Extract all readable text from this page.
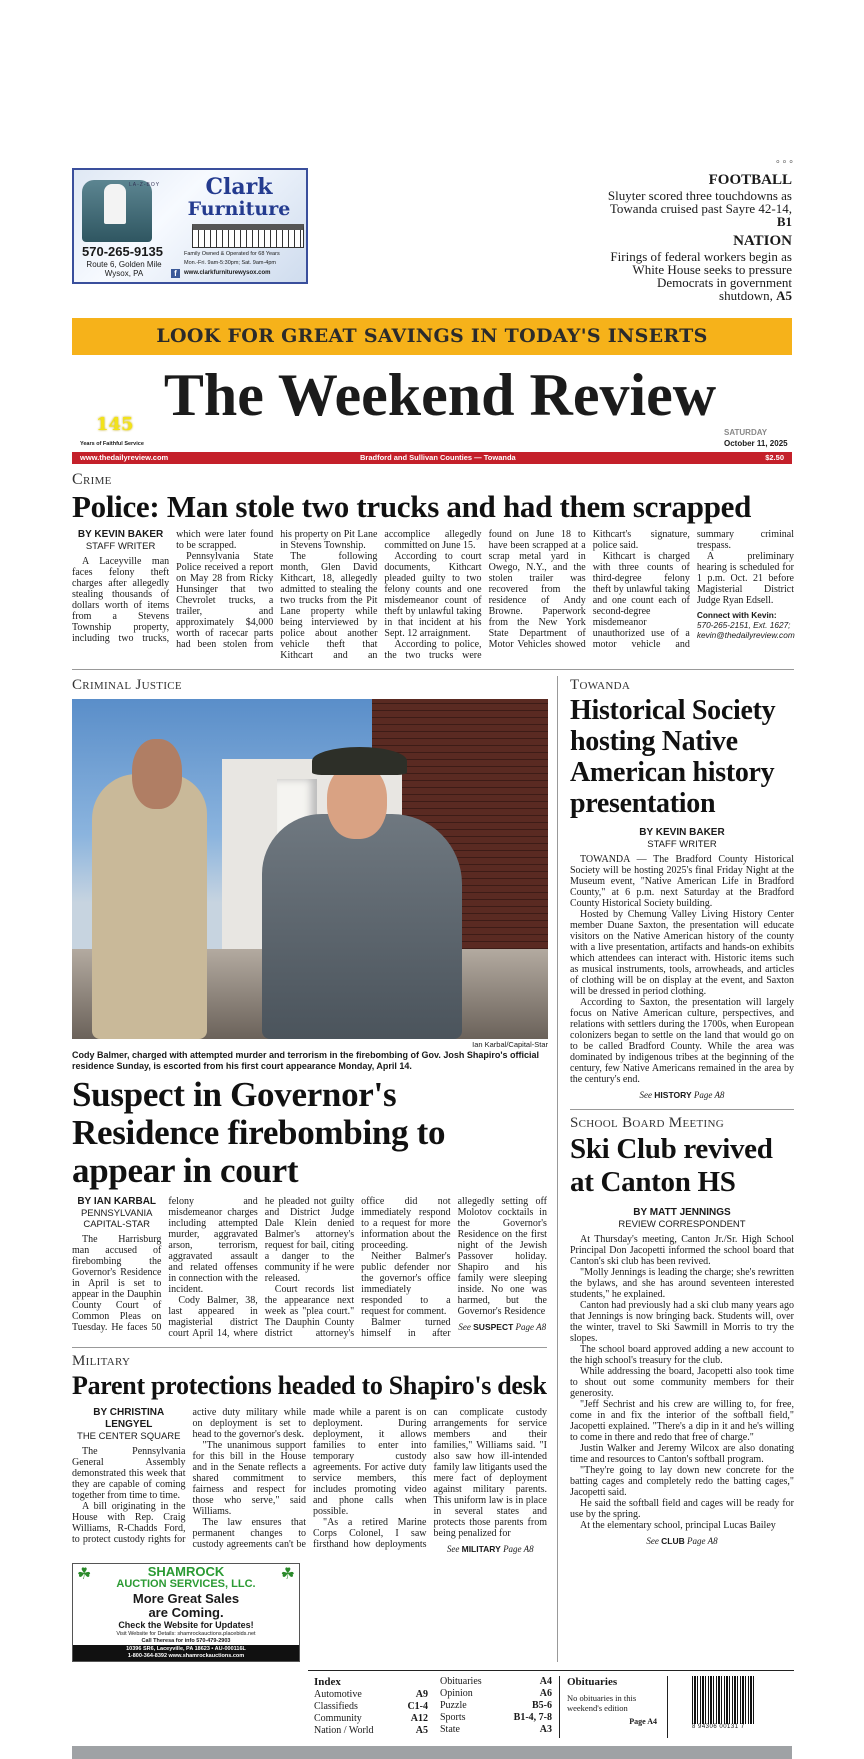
LA-Z-BOY	Clark
Furniture
570-265-9135
Route 6, Golden Mile
Wysox, PA
Family Owned & Operated for 68 Years
Mon.-Fri. 9am-5:30pm; Sat. 9am-4pm
f	www.clarkfurniturewysox.com
∘∘∘
FOOTBALL
Sluyter scored three touchdowns as Towanda cruised past Sayre 42-14, B1
NATION
Firings of federal workers begin as White House seeks to pressure Democrats in government shutdown, A5
LOOK FOR GREAT SAVINGS IN TODAY'S INSERTS
The Weekend Review
145
Years of Faithful Service
SATURDAY
October 11, 2025
www.thedailyreview.com	Bradford and Sullivan Counties — Towanda	$2.50
Crime
Police: Man stole two trucks and had them scrapped
BY KEVIN BAKER
STAFF WRITER

A Laceyville man faces felony theft charges after allegedly stealing thousands of dollars worth of items from a Stevens Township property, including two trucks, which were later found to be scrapped.

Pennsylvania State Police received a report on May 28 from Ricky Hunsinger that two Chevrolet trucks, a trailer, and approximately $4,000 worth of racecar parts had been stolen from his property on Pit Lane in Stevens Township.

The following month, Glen David Kithcart, 18, allegedly admitted to stealing the two trucks from the Pit Lane property while being interviewed by police about another vehicle theft that Kithcart and an accomplice allegedly committed on June 15.

According to court documents, Kithcart pleaded guilty to two felony counts and one misdemeanor count of theft by unlawful taking in that incident at his Sept. 12 arraignment.

According to police, the two trucks were found on June 18 to have been scrapped at a scrap metal yard in Owego, N.Y., and the stolen trailer was recovered from the residence of Andy Browne. Paperwork from the New York State Department of Motor Vehicles showed Kithcart's signature, police said.

Kithcart is charged with three counts of third-degree felony theft by unlawful taking and one count each of second-degree misdemeanor unauthorized use of a motor vehicle and summary criminal trespass.

A preliminary hearing is scheduled for 1 p.m. Oct. 21 before Magisterial District Judge Ryan Edsell.

Connect with Kevin: 570-265-2151, Ext. 1627; kevin@thedailyreview.com
Criminal Justice
Ian Karbal/Capital-Star
Cody Balmer, charged with attempted murder and terrorism in the firebombing of Gov. Josh Shapiro's official residence Sunday, is escorted from his first court appearance Monday, April 14.
Suspect in Governor's Residence firebombing to appear in court
BY IAN KARBAL
PENNSYLVANIA CAPITAL-STAR

The Harrisburg man accused of firebombing the Governor's Residence in April is set to appear in the Dauphin County Court of Common Pleas on Tuesday. He faces 50 felony and misdemeanor charges including attempted murder, aggravated arson, terrorism, aggravated assault and related offenses in connection with the incident.

Cody Balmer, 38, last appeared in magisterial district court April 14, where he pleaded not guilty and District Judge Dale Klein denied Balmer's attorney's request for bail, citing a danger to the community if he were released.

Court records list the appearance next week as "plea court." The Dauphin County district attorney's office did not immediately respond to a request for more information about the proceeding.

Neither Balmer's public defender nor the governor's office immediately responded to a request for comment.

Balmer turned himself in after allegedly setting off Molotov cocktails in the Governor's Residence on the first night of the Jewish Passover holiday. Shapiro and his family were sleeping inside. No one was harmed, but the Governor's Residence

See SUSPECT Page A8
Military
Parent protections headed to Shapiro's desk
BY CHRISTINA LENGYEL
THE CENTER SQUARE

The Pennsylvania General Assembly demonstrated this week that they are capable of coming together from time to time.

A bill originating in the House with Rep. Craig Williams, R-Chadds Ford, to protect custody rights for active duty military while on deployment is set to head to the governor's desk.

"The unanimous support for this bill in the House and in the Senate reflects a shared commitment to fairness and respect for those who serve," said Williams.

The law ensures that permanent changes to custody agreements can't be made while a parent is on deployment. During deployment, it allows families to enter into temporary custody agreements. For active duty service members, this includes promoting video and phone calls when possible.

"As a retired Marine Corps Colonel, I saw firsthand how deployments can complicate custody arrangements for service members and their families," Williams said. "I also saw how ill-intended family law litigants used the mere fact of deployment against military parents. This uniform law is in place in several states and protects those parents from being penalized for

See MILITARY Page A8
☘	☘
SHAMROCK
AUCTION SERVICES, LLC.
More Great Sales
are Coming.
Check the Website for Updates!
Visit Website for Details: shamrockauctions.placebids.net
Call Theresa for info 570-479-2903
10396 SR6, Laceyville, PA 18623 • AU-000116L
1-800-364-8392 www.shamrockauctions.com
Towanda
Historical Society hosting Native American history presentation
BY KEVIN BAKER
STAFF WRITER

TOWANDA — The Bradford County Historical Society will be hosting 2025's final Friday Night at the Museum event, "Native American Life in Bradford County," at 6 p.m. next Saturday at the Bradford County Historical Society building.

Hosted by Chemung Valley Living History Center member Duane Saxton, the presentation will educate visitors on the Native American history of the county with a live presentation, artifacts and hands-on exhibits which attendees can interact with. Historic items such as musical instruments, tools, arrowheads, and articles of clothing will be on display at the event, and Saxton will be dressed in period clothing.

According to Saxton, the presentation will largely focus on Native American culture, perspectives, and relations with settlers during the 1700s, when European colonizers began to settle on the land that would go on to be called Bradford County. While the area was dominated by indigenous tribes at the beginning of the century, few Native Americans remained in the area by the century's end.

See HISTORY Page A8
School Board Meeting
Ski Club revived at Canton HS
BY MATT JENNINGS
REVIEW CORRESPONDENT

At Thursday's meeting, Canton Jr./Sr. High School Principal Don Jacopetti informed the school board that Canton's ski club has been revived.

"Molly Jennings is leading the charge; she's rewritten the bylaws, and she has around seventeen interested students," he explained.

Canton had previously had a ski club many years ago that Jennings is now bringing back. Students will, over the winter, travel to Ski Sawmill in Morris to try the slopes.

The school board approved adding a new account to the high school's treasury for the club.

While addressing the board, Jacopetti also took time to shout out some community members for their generosity.

"Jeff Sechrist and his crew are willing to, for free, come in and fix the interior of the softball field," Jacopetti explained. "There's a dip in it and he's willing to come in there and redo that free of charge."

Justin Walker and Jeremy Wilcox are also donating time and resources to Canton's softball program.

"They're going to lay down new concrete for the batting cages and completely redo the batting cages," Jacopetti said.

He said the softball field and cages will be ready for use by the spring.

At the elementary school, principal Lucas Bailey

See CLUB Page A8
Index
Automotive	A9
Classifieds	C1-4
Community	A12
Nation / World	A5
Obituaries	A4
Opinion	A6
Puzzle	B5-6
Sports	B1-4, 7-8
State	A3
Obituaries
No obituaries in this weekend's edition
Page A4
8 94306 00131 7
